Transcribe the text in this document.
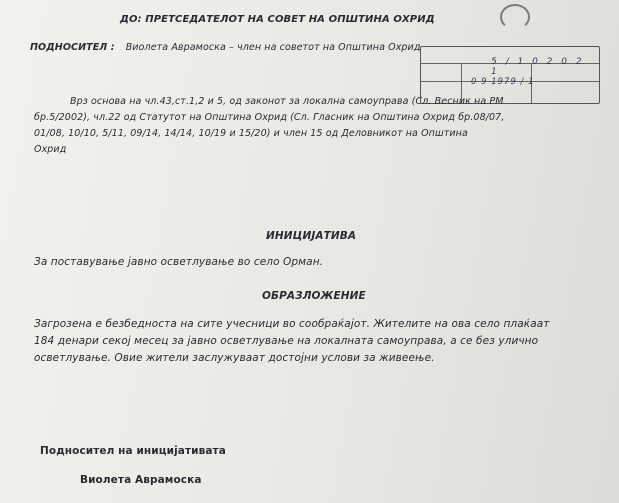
ДО: ПРЕТСЕДАТЕЛОТ НА СОВЕТ НА ОПШТИНА ОХРИД
ПОДНОСИТЕЛ : Виолета Аврамоска – член на советот на Општина Охрид
5 / 1 0 2 0 2 1
0 9 1979 / 1
Врз основа на чл.43,ст.1,2 и 5, од законот за локална самоуправа (Сл. Весник на РМ
бр.5/2002), чл.22 од Статутот на Општина Охрид (Сл. Гласник на Општина Охрид бр.08/07,
01/08, 10/10, 5/11, 09/14, 14/14, 10/19 и 15/20) и член 15 од Деловникот на Општина
Охрид
ИНИЦИЈАТИВА
За поставување јавно осветлување во село Орман.
ОБРАЗЛОЖЕНИЕ
Загрозена е безбедноста на сите учесници во сообраќајот. Жителите на ова село плаќаат
184 денари секој месец за јавно осветлување на локалната самоуправа, а се без улично
осветлување. Овие жители заслужуваат достојни услови за живеење.
Подносител на иницијативата
Виолета Аврамоска
